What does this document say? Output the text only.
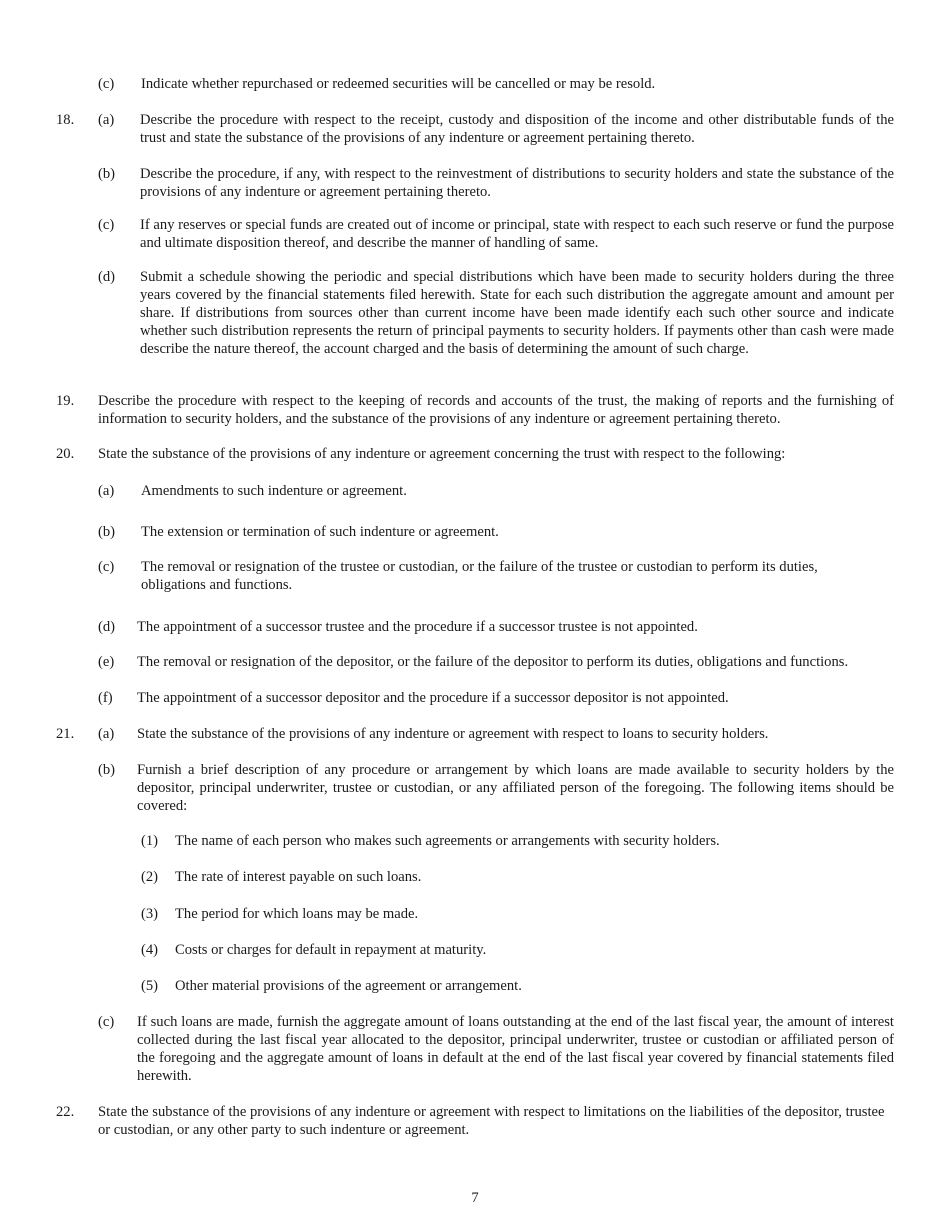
(c) Indicate whether repurchased or redeemed securities will be cancelled or may be resold.
18. (a) Describe the procedure with respect to the receipt, custody and disposition of the income and other distributable funds of the trust and state the substance of the provisions of any indenture or agreement pertaining thereto.
(b) Describe the procedure, if any, with respect to the reinvestment of distributions to security holders and state the substance of the provisions of any indenture or agreement pertaining thereto.
(c) If any reserves or special funds are created out of income or principal, state with respect to each such reserve or fund the purpose and ultimate disposition thereof, and describe the manner of handling of same.
(d) Submit a schedule showing the periodic and special distributions which have been made to security holders during the three years covered by the financial statements filed herewith. State for each such distribution the aggregate amount and amount per share. If distributions from sources other than current income have been made identify each such other source and indicate whether such distribution represents the return of principal payments to security holders. If payments other than cash were made describe the nature thereof, the account charged and the basis of determining the amount of such charge.
19. Describe the procedure with respect to the keeping of records and accounts of the trust, the making of reports and the furnishing of information to security holders, and the substance of the provisions of any indenture or agreement pertaining thereto.
20. State the substance of the provisions of any indenture or agreement concerning the trust with respect to the following:
(a) Amendments to such indenture or agreement.
(b) The extension or termination of such indenture or agreement.
(c) The removal or resignation of the trustee or custodian, or the failure of the trustee or custodian to perform its duties, obligations and functions.
(d) The appointment of a successor trustee and the procedure if a successor trustee is not appointed.
(e) The removal or resignation of the depositor, or the failure of the depositor to perform its duties, obligations and functions.
(f) The appointment of a successor depositor and the procedure if a successor depositor is not appointed.
21. (a) State the substance of the provisions of any indenture or agreement with respect to loans to security holders.
(b) Furnish a brief description of any procedure or arrangement by which loans are made available to security holders by the depositor, principal underwriter, trustee or custodian, or any affiliated person of the foregoing. The following items should be covered:
(1) The name of each person who makes such agreements or arrangements with security holders.
(2) The rate of interest payable on such loans.
(3) The period for which loans may be made.
(4) Costs or charges for default in repayment at maturity.
(5) Other material provisions of the agreement or arrangement.
(c) If such loans are made, furnish the aggregate amount of loans outstanding at the end of the last fiscal year, the amount of interest collected during the last fiscal year allocated to the depositor, principal underwriter, trustee or custodian or affiliated person of the foregoing and the aggregate amount of loans in default at the end of the last fiscal year covered by financial statements filed herewith.
22. State the substance of the provisions of any indenture or agreement with respect to limitations on the liabilities of the depositor, trustee or custodian, or any other party to such indenture or agreement.
7
